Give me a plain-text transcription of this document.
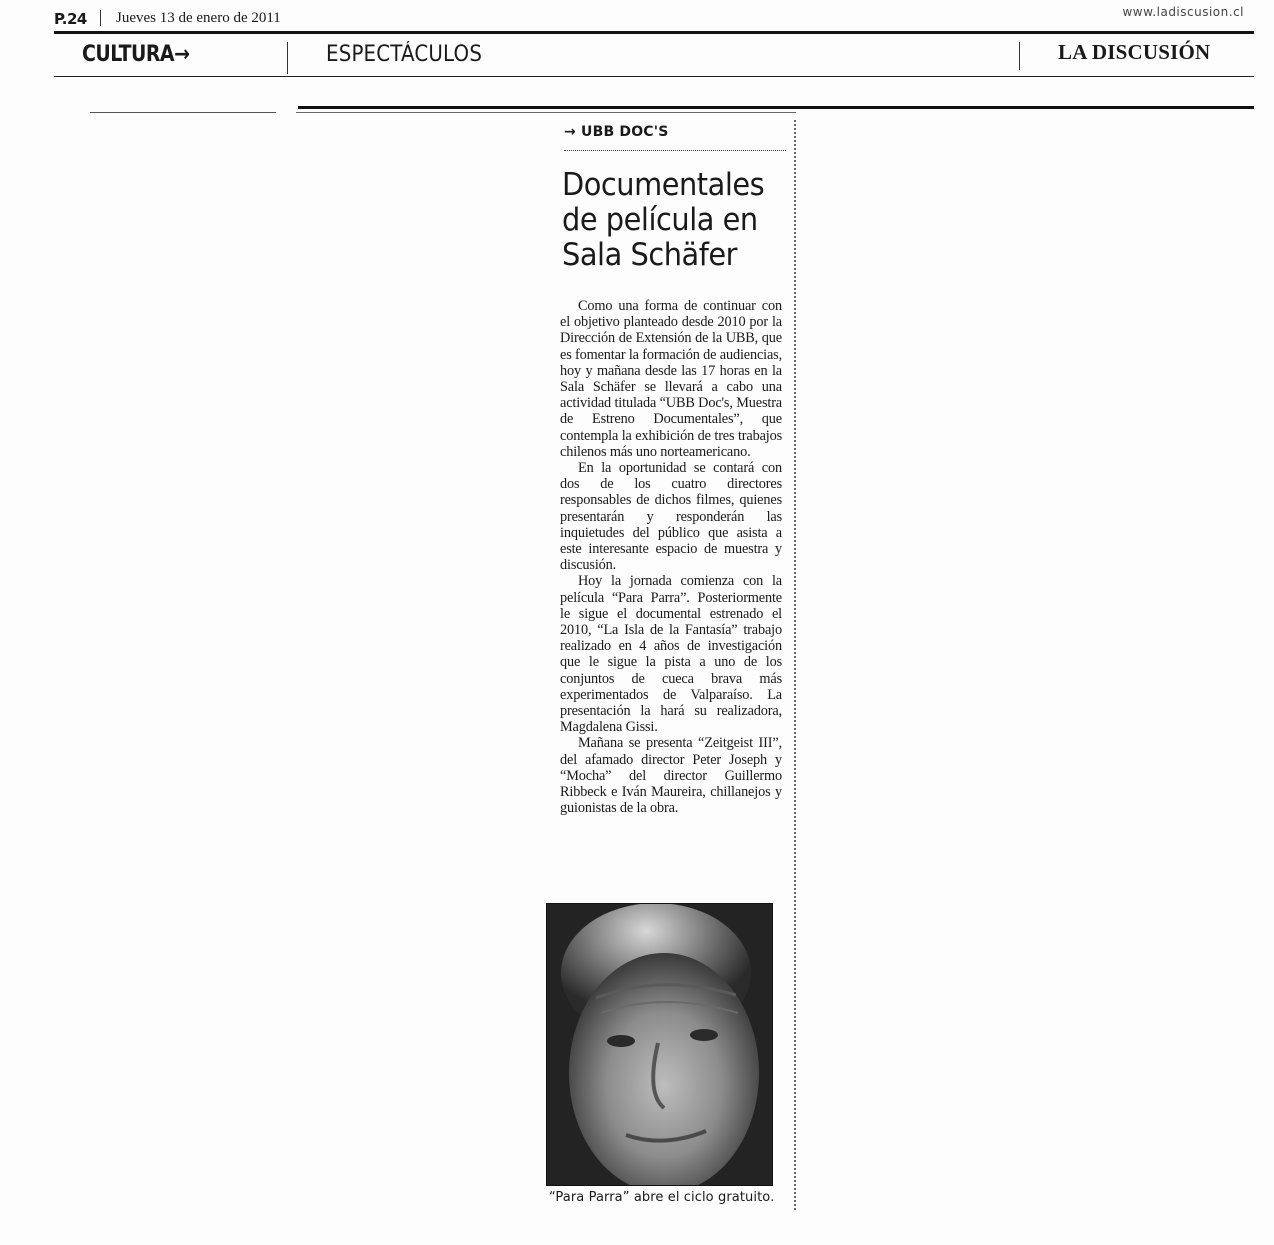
P.24 Jueves 13 de enero de 2011	www.ladiscusion.cl
CULTURA→	ESPECTÁCULOS	LA DISCUSIÓN
→ UBB DOC'S
Documentales de película en Sala Schäfer

Como una forma de continuar con el objetivo planteado desde 2010 por la Dirección de Extensión de la UBB, que es fomentar la formación de audiencias, hoy y mañana desde las 17 horas en la Sala Schäfer se llevará a cabo una actividad titulada “UBB Doc's, Muestra de Estreno Documentales”, que contempla la exhibición de tres trabajos chilenos más uno norteamericano.

En la oportunidad se contará con dos de los cuatro directores responsables de dichos filmes, quienes presentarán y responderán las inquietudes del público que asista a este interesante espacio de muestra y discusión.

Hoy la jornada comienza con la película “Para Parra”. Posteriormente le sigue el documental estrenado el 2010, “La Isla de la Fantasía” trabajo realizado en 4 años de investigación que le sigue la pista a uno de los conjuntos de cueca brava más experimentados de Valparaíso. La presentación la hará su realizadora, Magdalena Gissi.

Mañana se presenta “Zeitgeist III”, del afamado director Peter Joseph y “Mocha” del director Guillermo Ribbeck e Iván Maureira, chillanejos y guionistas de la obra.

“Para Parra” abre el ciclo gratuito.
